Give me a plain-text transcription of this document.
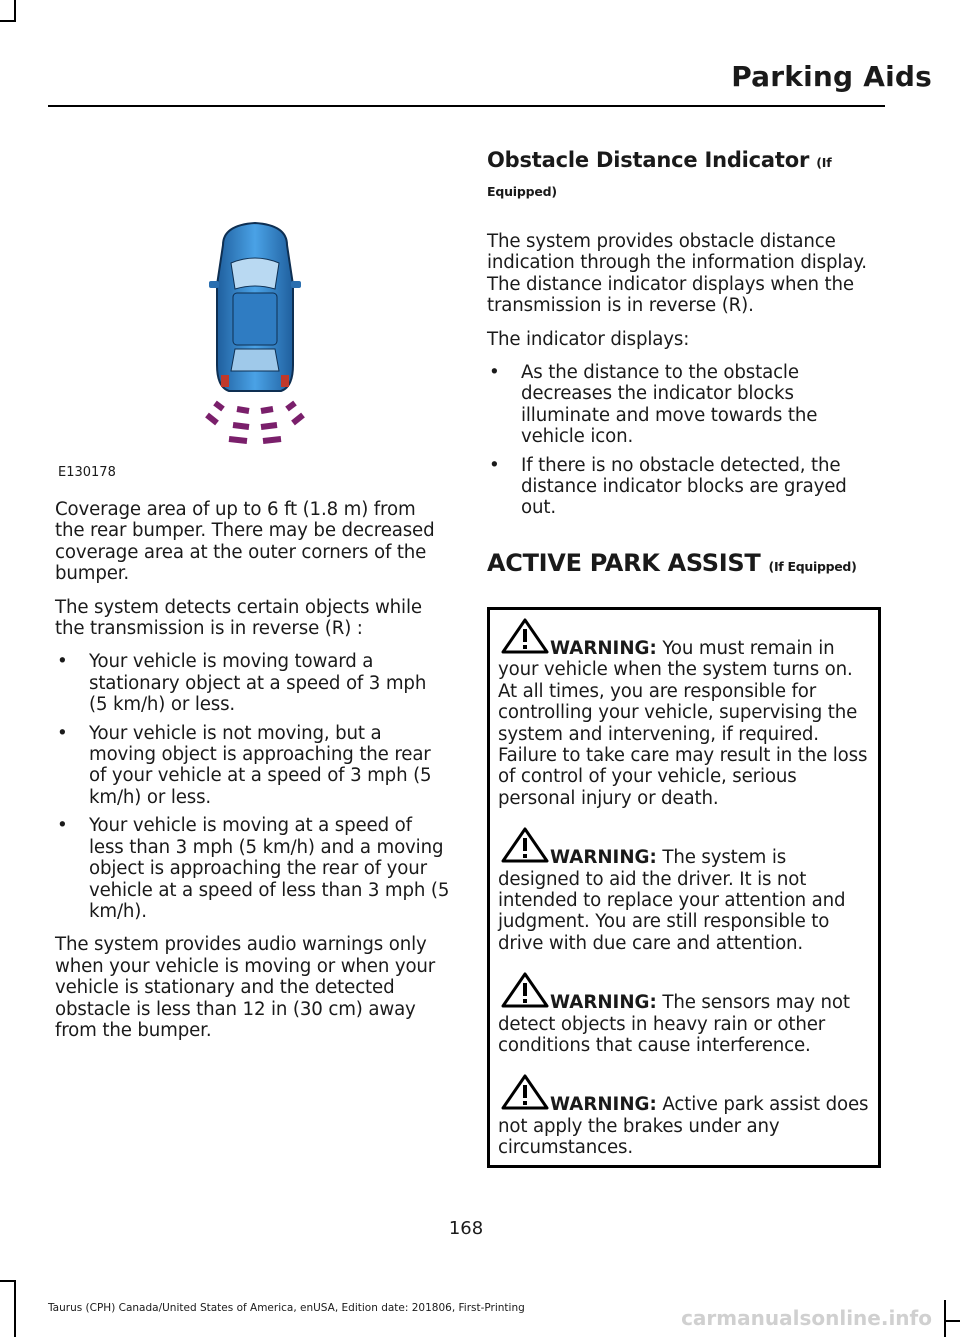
Parking Aids
E130178

Coverage area of up to 6 ft (1.8 m) from the rear bumper. There may be decreased coverage area at the outer corners of the bumper.

The system detects certain objects while the transmission is in reverse (R) :

• Your vehicle is moving toward a stationary object at a speed of 3 mph (5 km/h) or less.
• Your vehicle is not moving, but a moving object is approaching the rear of your vehicle at a speed of 3 mph (5 km/h) or less.
• Your vehicle is moving at a speed of less than 3 mph (5 km/h) and a moving object is approaching the rear of your vehicle at a speed of less than 3 mph (5 km/h).

The system provides audio warnings only when your vehicle is moving or when your vehicle is stationary and the detected obstacle is less than 12 in (30 cm) away from the bumper.

Obstacle Distance Indicator (If Equipped)

The system provides obstacle distance indication through the information display. The distance indicator displays when the transmission is in reverse (R).

The indicator displays:

• As the distance to the obstacle decreases the indicator blocks illuminate and move towards the vehicle icon.
• If there is no obstacle detected, the distance indicator blocks are grayed out.
ACTIVE PARK ASSIST (If Equipped)
WARNING: You must remain in your vehicle when the system turns on. At all times, you are responsible for controlling your vehicle, supervising the system and intervening, if required. Failure to take care may result in the loss of control of your vehicle, serious personal injury or death.
WARNING: The system is designed to aid the driver. It is not intended to replace your attention and judgment. You are still responsible to drive with due care and attention.
WARNING: The sensors may not detect objects in heavy rain or other conditions that cause interference.
WARNING: Active park assist does not apply the brakes under any circumstances.
168
Taurus (CPH) Canada/United States of America, enUSA, Edition date: 201806, First-Printing	carmanualsonline.info
